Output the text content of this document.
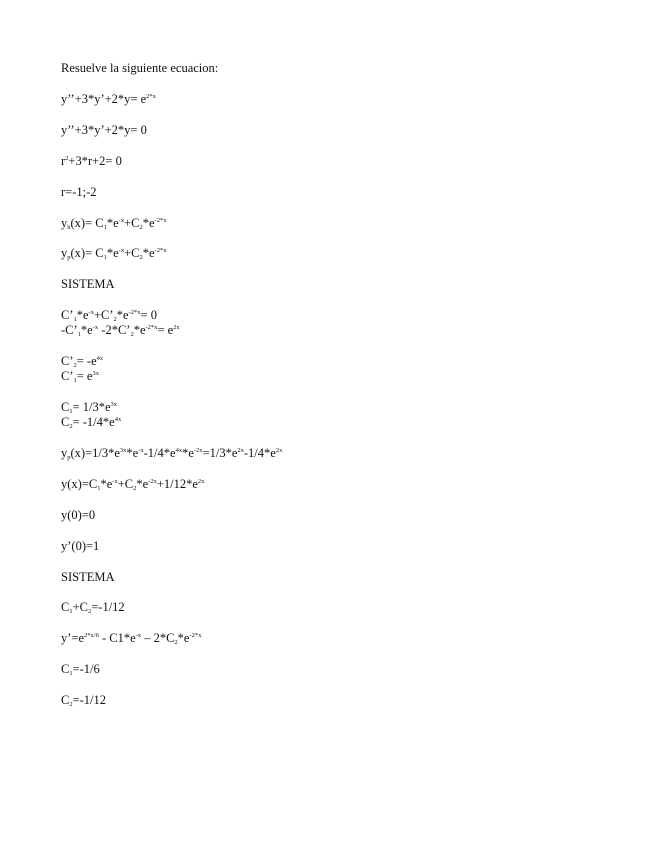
Resuelve la siguiente ecuacion:
y’’+3*y’+2*y= $e^{2*x}$
y’’+3*y’+2*y= 0
$r^2+3*r+2= 0$
r=-1;-2
$y_h(x)= C_1*e^{-x}+C_2*e^{-2*x}$
$y_p(x)= C_1*e^{-x}+C_2*e^{-2*x}$
SISTEMA
$C’_1*e^{-x}+C’_2*e^{-2*x}= 0$
$-C’_1*e^{-x}$ $-2*C’_2*e^{-2*x}= e^{2x}$
$C’_2= -e^{4x}$
$C’_1= e^{3x}$
$C_1= 1/3*e^{3x}$
$C_2= -1/4*e^{4x}$
$y_p(x)=1/3*e^{3x}*e^{-x}-1/4*e^{4x}*e^{-2x}=1/3*e^{2x}-1/4*e^{2x}$
$y(x)=C_1*e^{-x}+C_2*e^{-2x}+1/12*e^{2x}$
y(0)=0
y’(0)=1
SISTEMA
$C_1+C_2=-1/12$
$y’=e^{2*x/6} - C1*e^{-x} - 2*C_2*e^{-2*x}$
$C_1=-1/6$
$C_2=-1/12$
